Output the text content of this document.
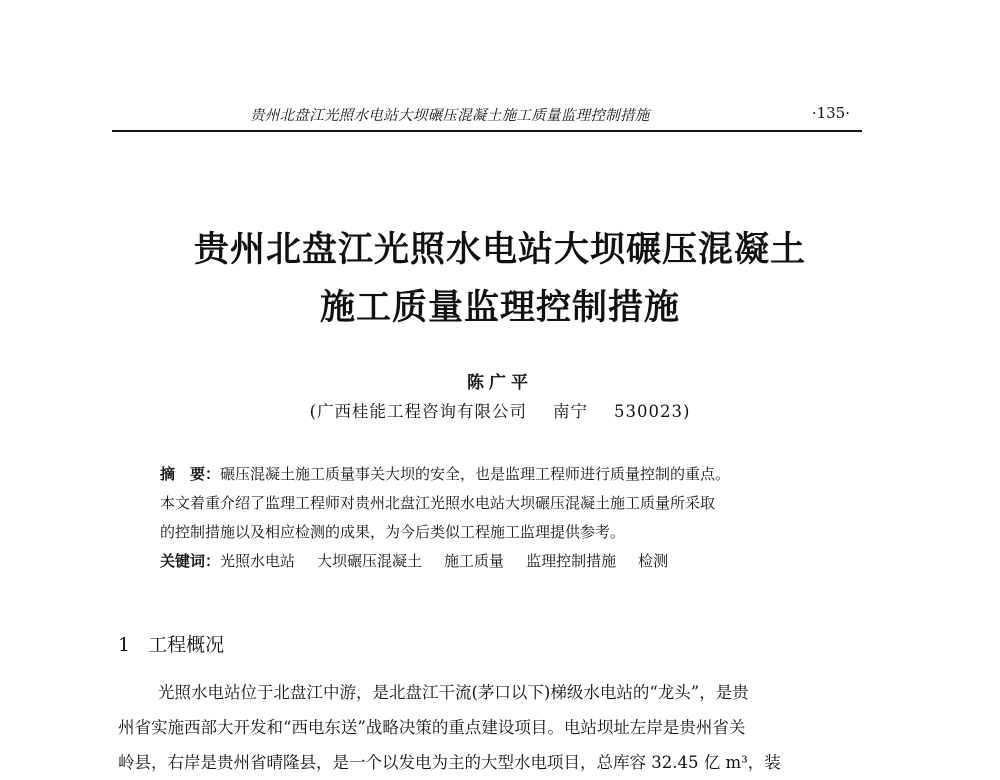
贵州北盘江光照水电站大坝碾压混凝土施工质量监理控制措施	·135·
贵州北盘江光照水电站大坝碾压混凝土
施工质量监理控制措施
陈广平
(广西桂能工程咨询有限公司 南宁 530023)
摘　要：碾压混凝土施工质量事关大坝的安全，也是监理工程师进行质量控制的重点。
本文着重介绍了监理工程师对贵州北盘江光照水电站大坝碾压混凝土施工质量所采取
的控制措施以及相应检测的成果，为今后类似工程施工监理提供参考。
关键词：光照水电站 大坝碾压混凝土 施工质量 监理控制措施 检测
1 工程概况
光照水电站位于北盘江中游，是北盘江干流(茅口以下)梯级水电站的“龙头”，是贵
州省实施西部大开发和“西电东送”战略决策的重点建设项目。电站坝址左岸是贵州省关
岭县，右岸是贵州省晴隆县，是一个以发电为主的大型水电项目，总库容 32.45 亿 m³，装
